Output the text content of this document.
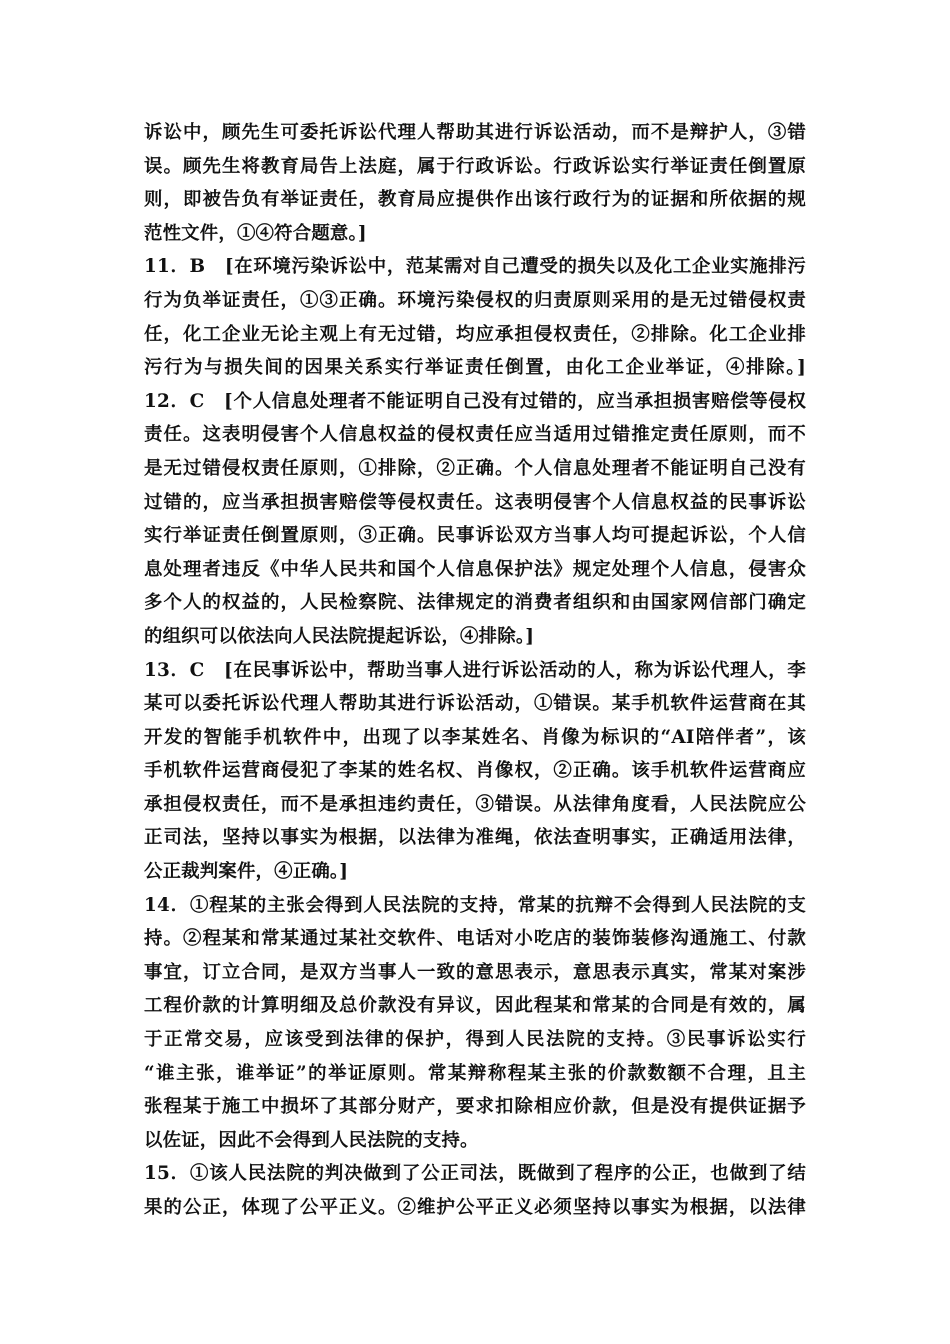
诉讼中，顾先生可委托诉讼代理人帮助其进行诉讼活动，而不是辩护人，③错
误。顾先生将教育局告上法庭，属于行政诉讼。行政诉讼实行举证责任倒置原
则，即被告负有举证责任，教育局应提供作出该行政行为的证据和所依据的规
范性文件，①④符合题意。]
11．B　[在环境污染诉讼中，范某需对自己遭受的损失以及化工企业实施排污
行为负举证责任，①③正确。环境污染侵权的归责原则采用的是无过错侵权责
任，化工企业无论主观上有无过错，均应承担侵权责任，②排除。化工企业排
污行为与损失间的因果关系实行举证责任倒置，由化工企业举证，④排除。]
12．C　[个人信息处理者不能证明自己没有过错的，应当承担损害赔偿等侵权
责任。这表明侵害个人信息权益的侵权责任应当适用过错推定责任原则，而不
是无过错侵权责任原则，①排除，②正确。个人信息处理者不能证明自己没有
过错的，应当承担损害赔偿等侵权责任。这表明侵害个人信息权益的民事诉讼
实行举证责任倒置原则，③正确。民事诉讼双方当事人均可提起诉讼，个人信
息处理者违反《中华人民共和国个人信息保护法》规定处理个人信息，侵害众
多个人的权益的，人民检察院、法律规定的消费者组织和由国家网信部门确定
的组织可以依法向人民法院提起诉讼，④排除。]
13．C　[在民事诉讼中，帮助当事人进行诉讼活动的人，称为诉讼代理人，李
某可以委托诉讼代理人帮助其进行诉讼活动，①错误。某手机软件运营商在其
开发的智能手机软件中，出现了以李某姓名、肖像为标识的“AI陪伴者”，该
手机软件运营商侵犯了李某的姓名权、肖像权，②正确。该手机软件运营商应
承担侵权责任，而不是承担违约责任，③错误。从法律角度看，人民法院应公
正司法，坚持以事实为根据，以法律为准绳，依法查明事实，正确适用法律，
公正裁判案件，④正确。]
14．①程某的主张会得到人民法院的支持，常某的抗辩不会得到人民法院的支
持。②程某和常某通过某社交软件、电话对小吃店的装饰装修沟通施工、付款
事宜，订立合同，是双方当事人一致的意思表示，意思表示真实，常某对案涉
工程价款的计算明细及总价款没有异议，因此程某和常某的合同是有效的，属
于正常交易，应该受到法律的保护，得到人民法院的支持。③民事诉讼实行
“谁主张，谁举证”的举证原则。常某辩称程某主张的价款数额不合理，且主
张程某于施工中损坏了其部分财产，要求扣除相应价款，但是没有提供证据予
以佐证，因此不会得到人民法院的支持。
15．①该人民法院的判决做到了公正司法，既做到了程序的公正，也做到了结
果的公正，体现了公平正义。②维护公平正义必须坚持以事实为根据，以法律
